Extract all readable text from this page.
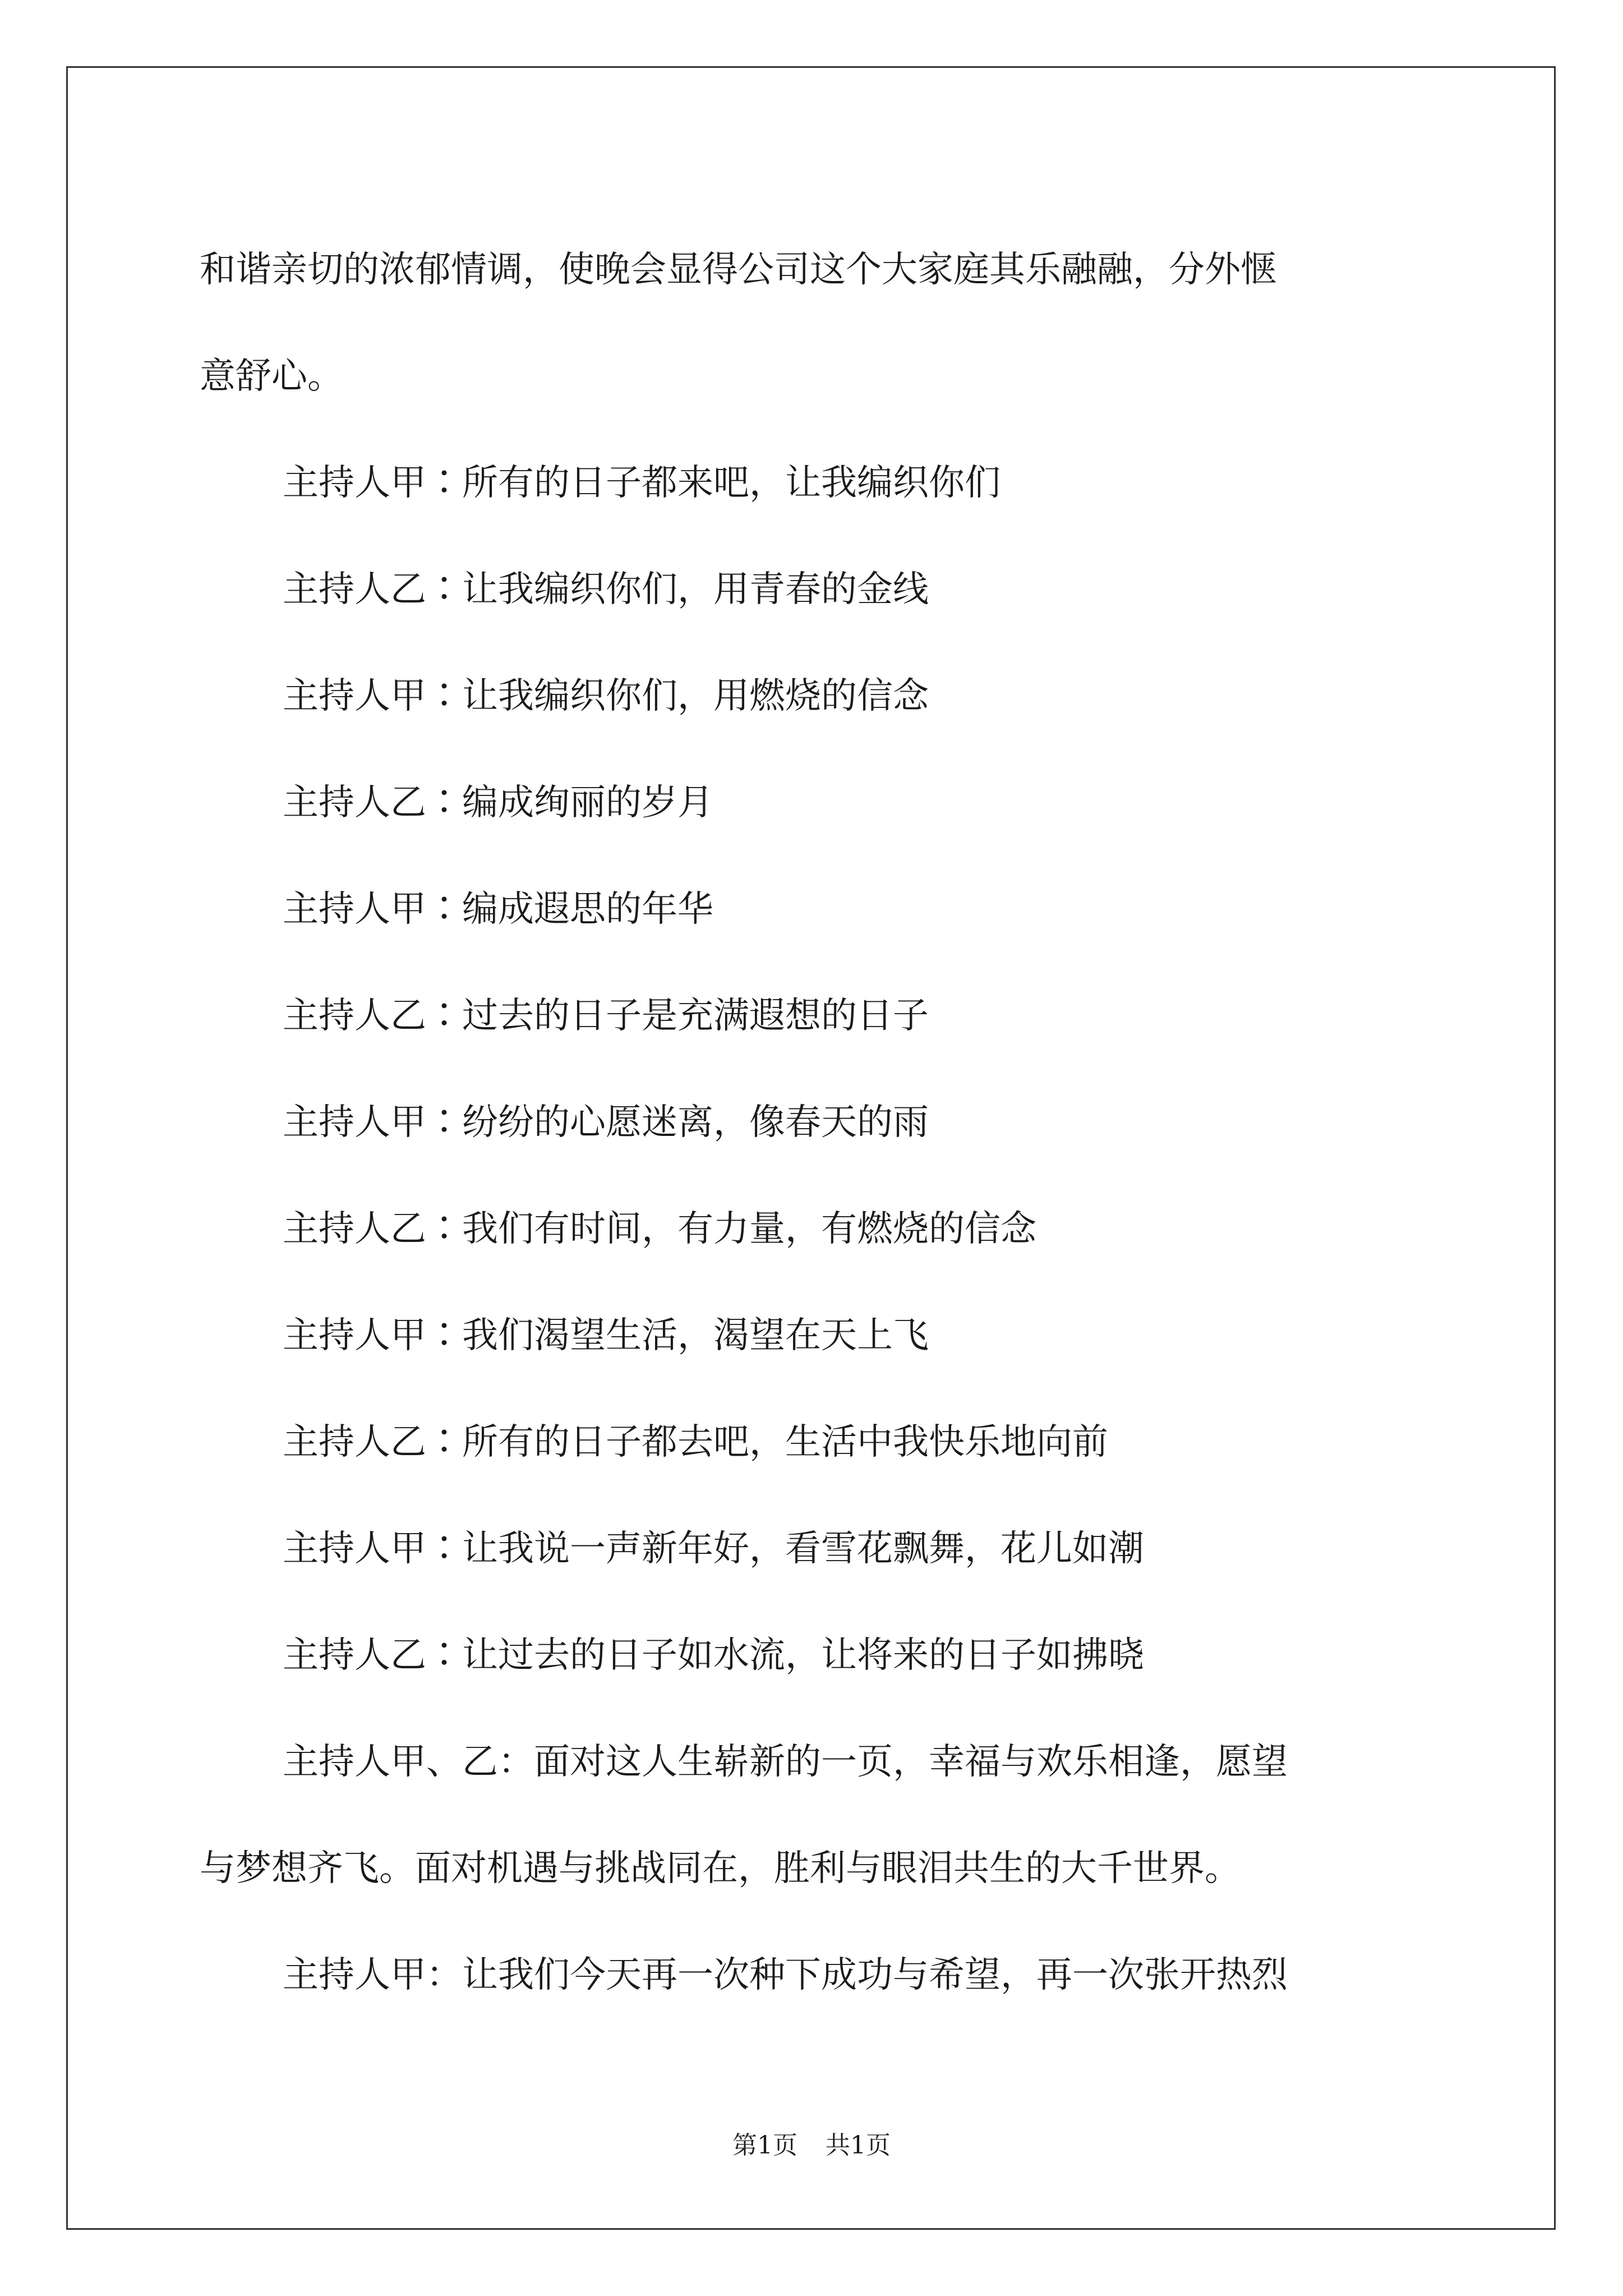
和谐亲切的浓郁情调，使晚会显得公司这个大家庭其乐融融，分外惬

意舒心。

主持人甲∶所有的日子都来吧，让我编织你们

主持人乙∶让我编织你们，用青春的金线

主持人甲∶让我编织你们，用燃烧的信念

主持人乙∶编成绚丽的岁月

主持人甲∶编成遐思的年华

主持人乙∶过去的日子是充满遐想的日子

主持人甲∶纷纷的心愿迷离，像春天的雨

主持人乙∶我们有时间，有力量，有燃烧的信念

主持人甲∶我们渴望生活，渴望在天上飞

主持人乙∶所有的日子都去吧，生活中我快乐地向前

主持人甲∶让我说一声新年好，看雪花飘舞，花儿如潮

主持人乙∶让过去的日子如水流，让将来的日子如拂晓

主持人甲、乙：面对这人生崭新的一页，幸福与欢乐相逢，愿望

与梦想齐飞。面对机遇与挑战同在，胜利与眼泪共生的大千世界。

主持人甲：让我们今天再一次种下成功与希望，再一次张开热烈

第1页 共1页
